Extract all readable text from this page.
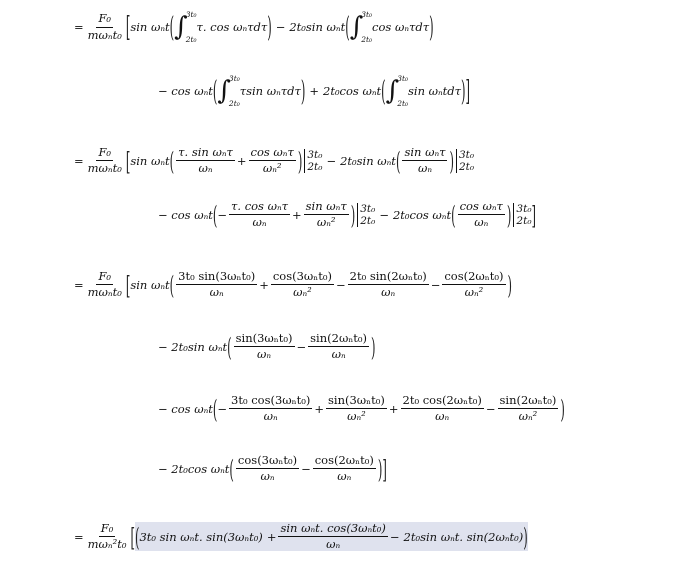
= $\frac{\text{F₀}}{\text{mωₙt₀}}$ [ sin ωₙt ( ∫
3t₀
2t₀
τ. cos ωₙτdτ ) − 2t₀sin ωₙt ( ∫
3t₀
2t₀
cos ωₙτdτ )
− cos ωₙt ( ∫
3t₀
2t₀
τsin ωₙτdτ ) + 2t₀cos ωₙt ( ∫
3t₀
2t₀
sin ωₙtdτ ) ]
= $\frac{\text{F₀}}{\text{mωₙt₀}}$ [ sin ωₙt ( $\frac{\text{τ. sin ωₙτ}}{\text{ωₙ}} + \frac{\text{cos ωₙτ}}{\text{ωₙ²}}$ ) 3t₀
2t₀ − 2t₀sin ωₙt ( $\frac{\text{sin ωₙτ}}{\text{ωₙ}}$ ) 3t₀
2t₀
− cos ωₙt ( − $\frac{\text{τ. cos ωₙτ}}{\text{ωₙ}} + \frac{\text{sin ωₙτ}}{\text{ωₙ²}}$ ) 3t₀
2t₀ − 2t₀cos ωₙt ( $\frac{\text{cos ωₙτ}}{\text{ωₙ}}$ ) 3t₀
2t₀ ]
= $\frac{\text{F₀}}{\text{mωₙt₀}}$ [ sin ωₙt ( $\frac{\text{3t₀ sin(3ωₙt₀)}}{\text{ωₙ}} + \frac{\text{cos(3ωₙt₀)}}{\text{ωₙ²}} - \frac{\text{2t₀ sin(2ωₙt₀)}}{\text{ωₙ}} - \frac{\text{cos(2ωₙt₀)}}{\text{ωₙ²}}$ )
− 2t₀sin ωₙt ( $\frac{\text{sin(3ωₙt₀)}}{\text{ωₙ}} - \frac{\text{sin(2ωₙt₀)}}{\text{ωₙ}}$ )
− cos ωₙt ( − $\frac{\text{3t₀ cos(3ωₙt₀)}}{\text{ωₙ}} + \frac{\text{sin(3ωₙt₀)}}{\text{ωₙ²}} + \frac{\text{2t₀ cos(2ωₙt₀)}}{\text{ωₙ}} - \frac{\text{sin(2ωₙt₀)}}{\text{ωₙ²}}$ )
− 2t₀cos ωₙt ( $\frac{\text{cos(3ωₙt₀)}}{\text{ωₙ}} - \frac{\text{cos(2ωₙt₀)}}{\text{ωₙ}}$ ) ]
= $\frac{\text{F₀}}{\text{mωₙ²t₀}}$ [ ( 3t₀ sin ωₙt. $\sin(3\omega_nt_0) + \frac{\text{sin ωₙt. cos(3ωₙt₀)}}{\text{ωₙ}} - 2t_0\sin$ ωₙt. sin(2ωₙt₀) )
